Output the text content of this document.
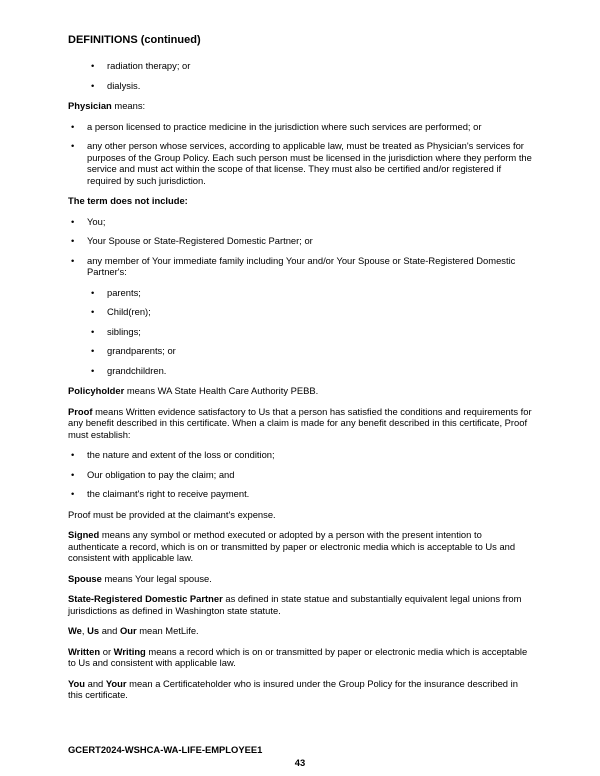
DEFINITIONS (continued)
• radiation therapy; or
• dialysis.

Physician means:

• a person licensed to practice medicine in the jurisdiction where such services are performed; or
• any other person whose services, according to applicable law, must be treated as Physician's services for purposes of the Group Policy. Each such person must be licensed in the jurisdiction where they perform the service and must act within the scope of that license. They must also be certified and/or registered if required by such jurisdiction.

The term does not include:

• You;
• Your Spouse or State-Registered Domestic Partner; or
• any member of Your immediate family including Your and/or Your Spouse or State-Registered Domestic Partner's:
• parents;
• Child(ren);
• siblings;
• grandparents; or
• grandchildren.

Policyholder means WA State Health Care Authority PEBB.

Proof means Written evidence satisfactory to Us that a person has satisfied the conditions and requirements for any benefit described in this certificate. When a claim is made for any benefit described in this certificate, Proof must establish:

• the nature and extent of the loss or condition;
• Our obligation to pay the claim; and
• the claimant's right to receive payment.

Proof must be provided at the claimant's expense.

Signed means any symbol or method executed or adopted by a person with the present intention to authenticate a record, which is on or transmitted by paper or electronic media which is acceptable to Us and consistent with applicable law.

Spouse means Your legal spouse.

State-Registered Domestic Partner as defined in state statue and substantially equivalent legal unions from jurisdictions as defined in Washington state statute.

We, Us and Our mean MetLife.

Written or Writing means a record which is on or transmitted by paper or electronic media which is acceptable to Us and consistent with applicable law.

You and Your mean a Certificateholder who is insured under the Group Policy for the insurance described in this certificate.

GCERT2024-WSHCA-WA-LIFE-EMPLOYEE1
43
